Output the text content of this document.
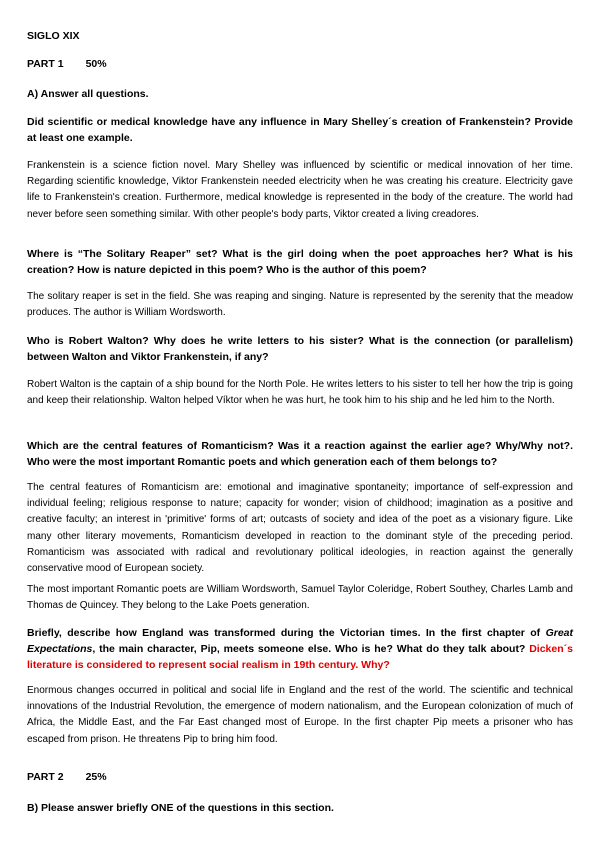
SIGLO XIX

PART 1 50%

A) Answer all questions.

Did scientific or medical knowledge have any influence in Mary Shelley´s creation of Frankenstein? Provide at least one example.

Frankenstein is a science fiction novel. Mary Shelley was influenced by scientific or medical innovation of her time. Regarding scientific knowledge, Viktor Frankenstein needed electricity when he was creating his creature. Electricity gave life to Frankenstein's creation. Furthermore, medical knowledge is represented in the body of the creature. The world had never before seen something similar. With other people's body parts, Viktor created a living creadores.

Where is “The Solitary Reaper” set? What is the girl doing when the poet approaches her? What is his creation? How is nature depicted in this poem? Who is the author of this poem?

The solitary reaper is set in the field. She was reaping and singing. Nature is represented by the serenity that the meadow produces. The author is William Wordsworth.

Who is Robert Walton? Why does he write letters to his sister? What is the connection (or parallelism) between Walton and Viktor Frankenstein, if any?

Robert Walton is the captain of a ship bound for the North Pole. He writes letters to his sister to tell her how the trip is going and keep their relationship. Walton helped Víktor when he was hurt, he took him to his ship and he led him to the North.

Which are the central features of Romanticism? Was it a reaction against the earlier age? Why/Why not?. Who were the most important Romantic poets and which generation each of them belongs to?

The central features of Romanticism are: emotional and imaginative spontaneity; importance of self-expression and individual feeling; religious response to nature; capacity for wonder; vision of childhood; imagination as a positive and creative faculty; an interest in 'primitive' forms of art; outcasts of society and idea of the poet as a visionary figure. Like many other literary movements, Romanticism developed in reaction to the dominant style of the preceding period. Romanticism was associated with radical and revolutionary political ideologies, in reaction against the generally conservative mood of European society.

The most important Romantic poets are William Wordsworth, Samuel Taylor Coleridge, Robert Southey, Charles Lamb and Thomas de Quincey. They belong to the Lake Poets generation.

Briefly, describe how England was transformed during the Victorian times. In the first chapter of Great Expectations, the main character, Pip, meets someone else. Who is he? What do they talk about? Dicken´s literature is considered to represent social realism in 19th century. Why?

Enormous changes occurred in political and social life in England and the rest of the world. The scientific and technical innovations of the Industrial Revolution, the emergence of modern nationalism, and the European colonization of much of Africa, the Middle East, and the Far East changed most of Europe. In the first chapter Pip meets a prisoner who has escaped from prison. He threatens Pip to bring him food.

PART 2 25%

B) Please answer briefly ONE of the questions in this section.
